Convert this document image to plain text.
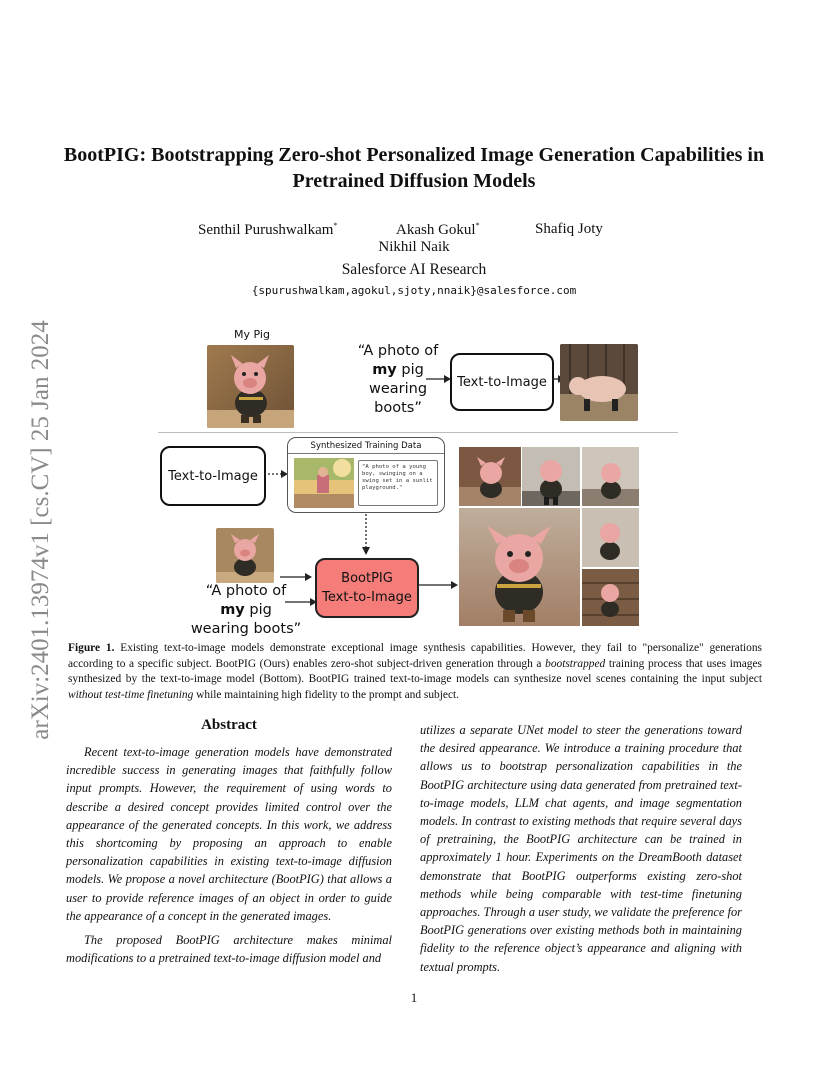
arXiv:2401.13974v1 [cs.CV] 25 Jan 2024
BootPIG: Bootstrapping Zero-shot Personalized Image Generation Capabilities in Pretrained Diffusion Models
Senthil Purushwalkam*	Akash Gokul*	Shafiq Joty
Nikhil Naik
Salesforce AI Research
{spurushwalkam,agokul,sjoty,nnaik}@salesforce.com
My Pig
“A photo of
my pig
wearing
boots”
Text-to-Image
Text-to-Image
Synthesized Training Data
"A photo of a young boy, swinging on a swing set in a sunlit playground."
“A photo of
my pig
wearing boots”
BootPIG
Text-to-Image
Figure 1. Existing text-to-image models demonstrate exceptional image synthesis capabilities. However, they fail to "personalize" generations according to a specific subject. BootPIG (Ours) enables zero-shot subject-driven generation through a bootstrapped training process that uses images synthesized by the text-to-image model (Bottom). BootPIG trained text-to-image models can synthesize novel scenes containing the input subject without test-time finetuning while maintaining high fidelity to the prompt and subject.
Abstract

Recent text-to-image generation models have demonstrated incredible success in generating images that faithfully follow input prompts. However, the requirement of using words to describe a desired concept provides limited control over the appearance of the generated concepts. In this work, we address this shortcoming by proposing an approach to enable personalization capabilities in existing text-to-image diffusion models. We propose a novel architecture (BootPIG) that allows a user to provide reference images of an object in order to guide the appearance of a concept in the generated images.

The proposed BootPIG architecture makes minimal modifications to a pretrained text-to-image diffusion model and

utilizes a separate UNet model to steer the generations toward the desired appearance. We introduce a training procedure that allows us to bootstrap personalization capabilities in the BootPIG architecture using data generated from pretrained text-to-image models, LLM chat agents, and image segmentation models. In contrast to existing methods that require several days of pretraining, the BootPIG architecture can be trained in approximately 1 hour. Experiments on the DreamBooth dataset demonstrate that BootPIG outperforms existing zero-shot methods while being comparable with test-time finetuning approaches. Through a user study, we validate the preference for BootPIG generations over existing methods both in maintaining fidelity to the reference object’s appearance and aligning with textual prompts.

1
